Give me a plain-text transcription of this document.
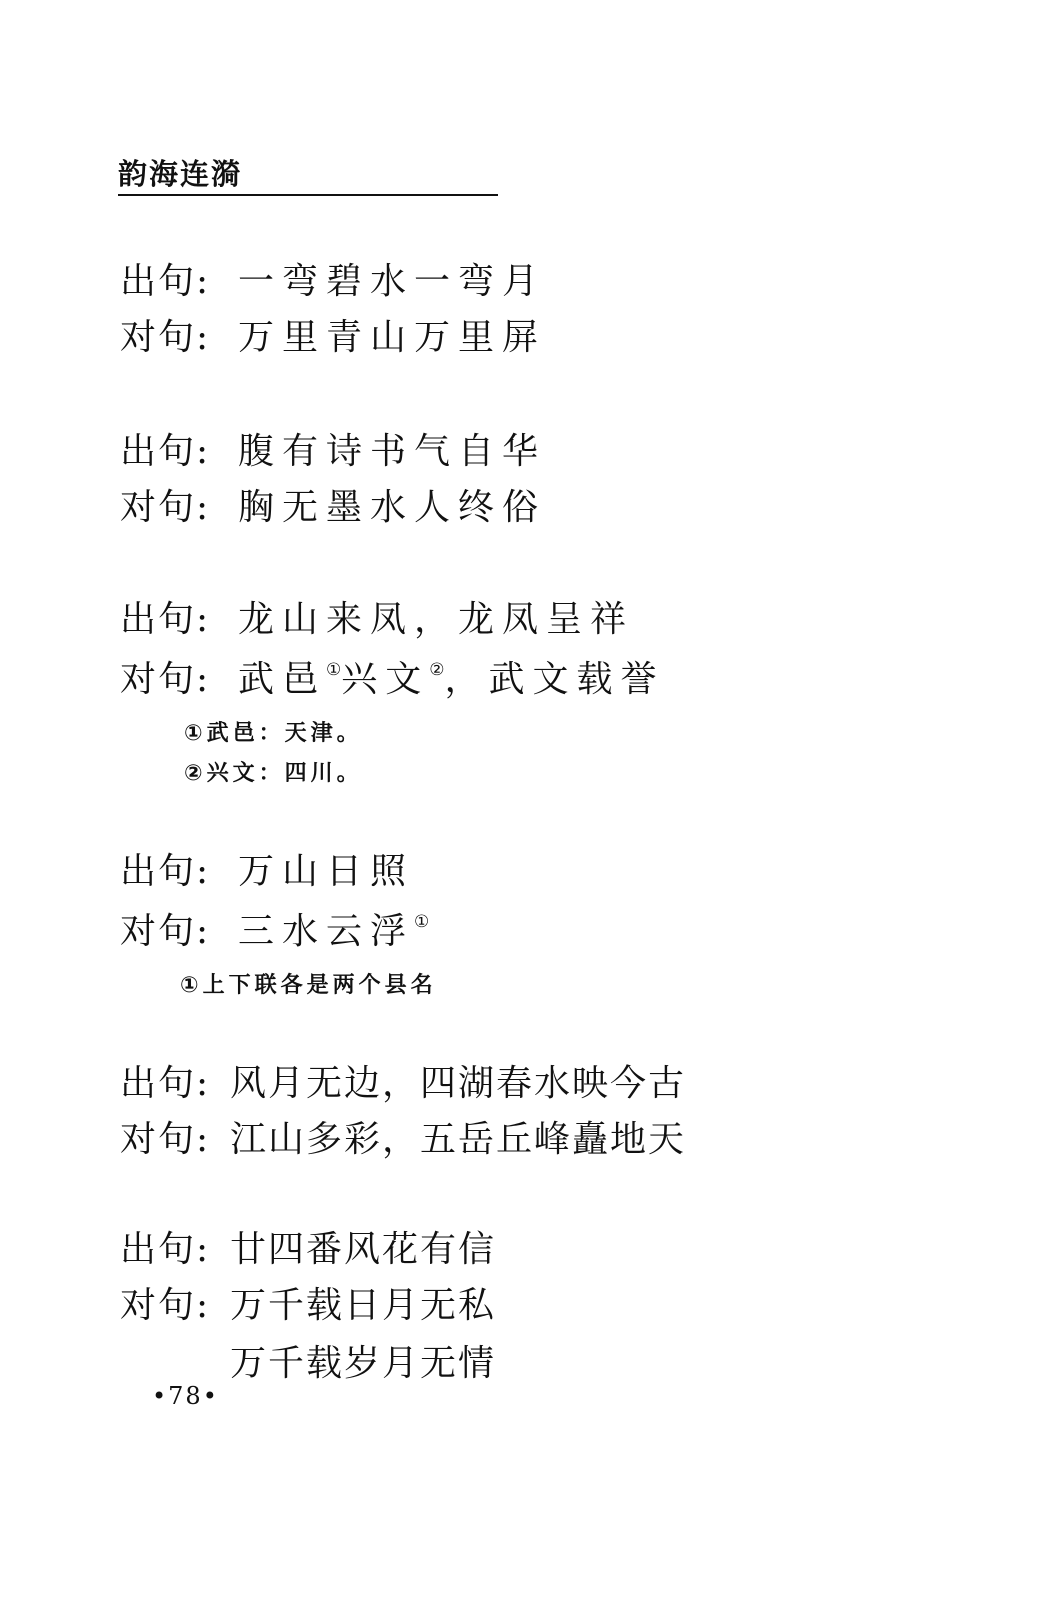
韵海连漪
出句: 一弯碧水一弯月
对句: 万里青山万里屏
出句: 腹有诗书气自华
对句: 胸无墨水人终俗
出句: 龙山来凤，龙凤呈祥
对句: 武邑①兴文②，武文载誉
①武邑：天津。
②兴文：四川。
出句: 万山日照
对句: 三水云浮①
①上下联各是两个县名
出句: 风月无边，四湖春水映今古
对句: 江山多彩，五岳丘峰矗地天
出句: 廿四番风花有信
对句: 万千载日月无私
万千载岁月无情
•78•
